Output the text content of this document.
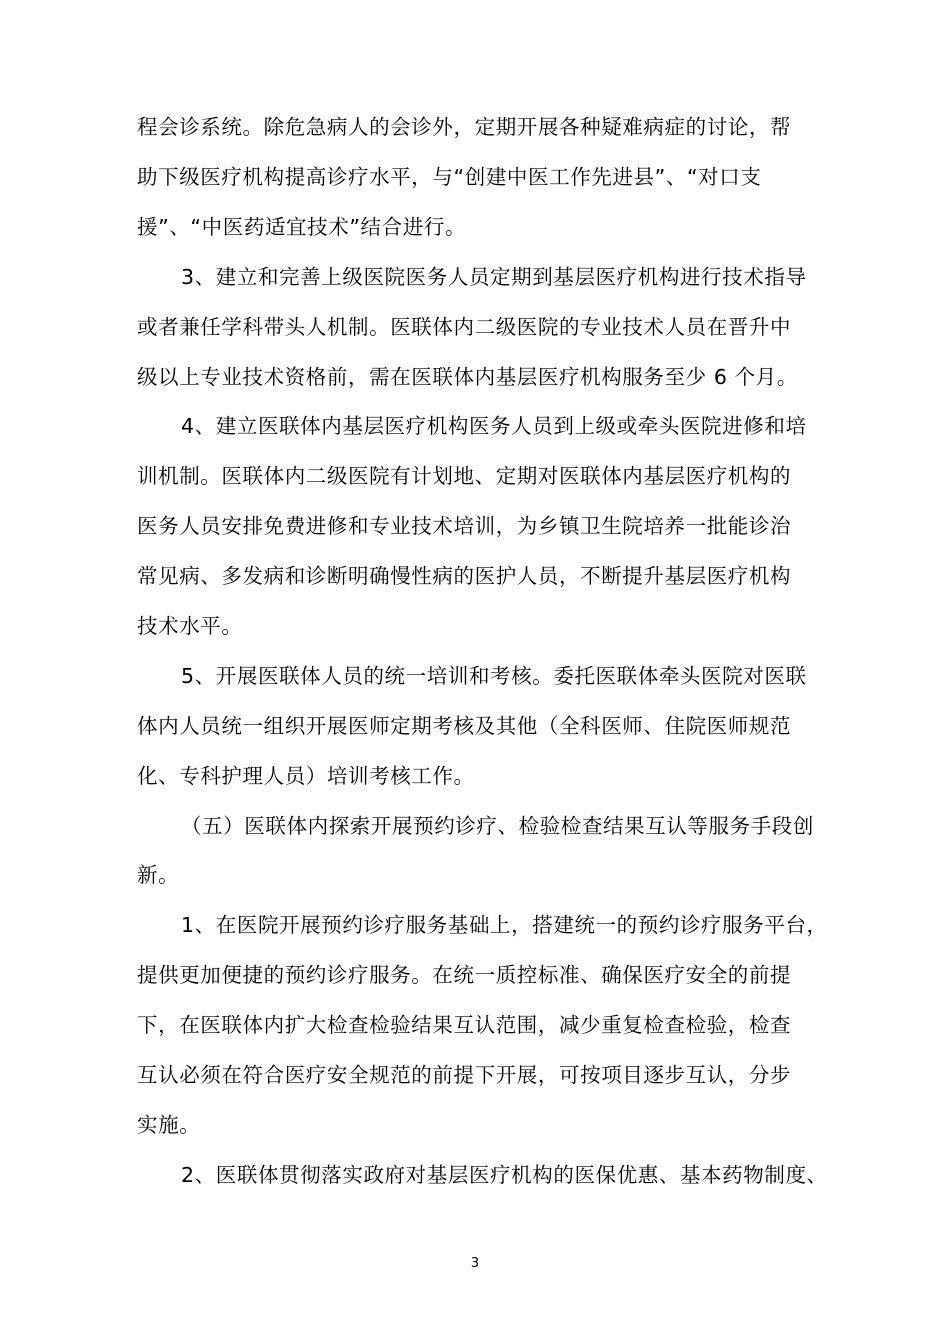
程会诊系统。除危急病人的会诊外，定期开展各种疑难病症的讨论，帮
助下级医疗机构提高诊疗水平，与“创建中医工作先进县”、“对口支
援”、“中医药适宜技术”结合进行。
3、建立和完善上级医院医务人员定期到基层医疗机构进行技术指导
或者兼任学科带头人机制。医联体内二级医院的专业技术人员在晋升中
级以上专业技术资格前，需在医联体内基层医疗机构服务至少 6 个月。
4、建立医联体内基层医疗机构医务人员到上级或牵头医院进修和培
训机制。医联体内二级医院有计划地、定期对医联体内基层医疗机构的
医务人员安排免费进修和专业技术培训，为乡镇卫生院培养一批能诊治
常见病、多发病和诊断明确慢性病的医护人员，不断提升基层医疗机构
技术水平。
5、开展医联体人员的统一培训和考核。委托医联体牵头医院对医联
体内人员统一组织开展医师定期考核及其他（全科医师、住院医师规范
化、专科护理人员）培训考核工作。
（五）医联体内探索开展预约诊疗、检验检查结果互认等服务手段创
新。
1、在医院开展预约诊疗服务基础上，搭建统一的预约诊疗服务平台，
提供更加便捷的预约诊疗服务。在统一质控标准、确保医疗安全的前提
下，在医联体内扩大检查检验结果互认范围，减少重复检查检验，检查
互认必须在符合医疗安全规范的前提下开展，可按项目逐步互认，分步
实施。
2、医联体贯彻落实政府对基层医疗机构的医保优惠、基本药物制度、
3
